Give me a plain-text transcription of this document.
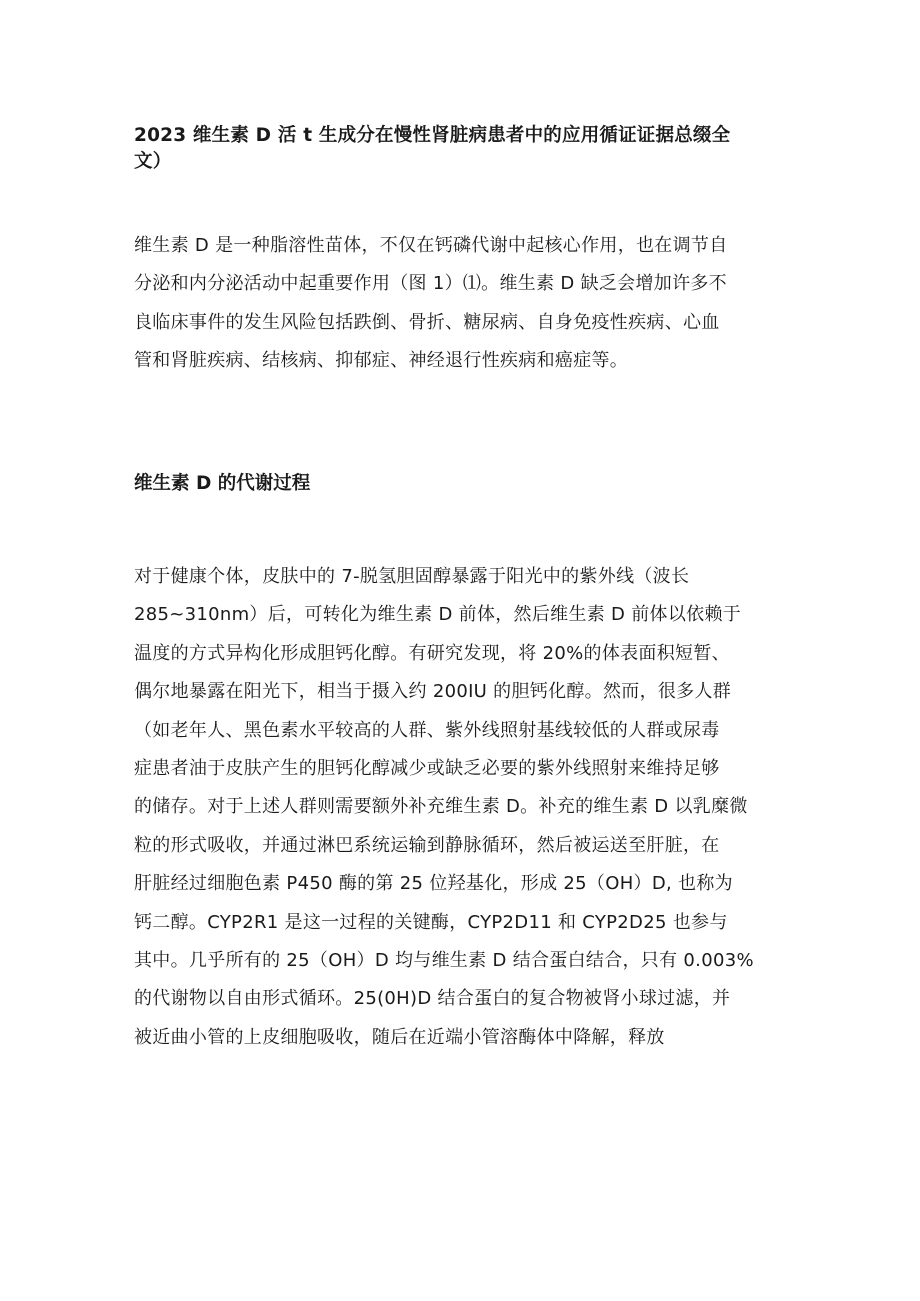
2023 维生素 D 活 t 生成分在慢性肾脏病患者中的应用循证证据总缀全
文）
维生素 D 是一种脂溶性苗体，不仅在钙磷代谢中起核心作用，也在调节自
分泌和内分泌活动中起重要作用（图 1）⑴。维生素 D 缺乏会增加许多不
良临床事件的发生风险包括跌倒、骨折、糖尿病、自身免疫性疾病、心血
管和肾脏疾病、结核病、抑郁症、神经退行性疾病和癌症等。
维生素 D 的代谢过程
对于健康个体，皮肤中的 7-脱氢胆固醇暴露于阳光中的紫外线（波长
285~310nm）后，可转化为维生素 D 前体，然后维生素 D 前体以依赖于
温度的方式异构化形成胆钙化醇。有研究发现，将 20%的体表面积短暂、
偶尔地暴露在阳光下，相当于摄入约 200IU 的胆钙化醇。然而，很多人群
（如老年人、黑色素水平较高的人群、紫外线照射基线较低的人群或尿毒
症患者油于皮肤产生的胆钙化醇减少或缺乏必要的紫外线照射来维持足够
的储存。对于上述人群则需要额外补充维生素 D。补充的维生素 D 以乳糜微
粒的形式吸收，并通过淋巴系统运输到静脉循环，然后被运送至肝脏，在
肝脏经过细胞色素 P450 酶的第 25 位羟基化，形成 25（OH）D, 也称为
钙二醇。CYP2R1 是这一过程的关键酶，CYP2D11 和 CYP2D25 也参与
其中。几乎所有的 25（OH）D 均与维生素 D 结合蛋白结合，只有 0.003%
的代谢物以自由形式循环。25(0H)D 结合蛋白的复合物被肾小球过滤，并
被近曲小管的上皮细胞吸收，随后在近端小管溶酶体中降解，释放
